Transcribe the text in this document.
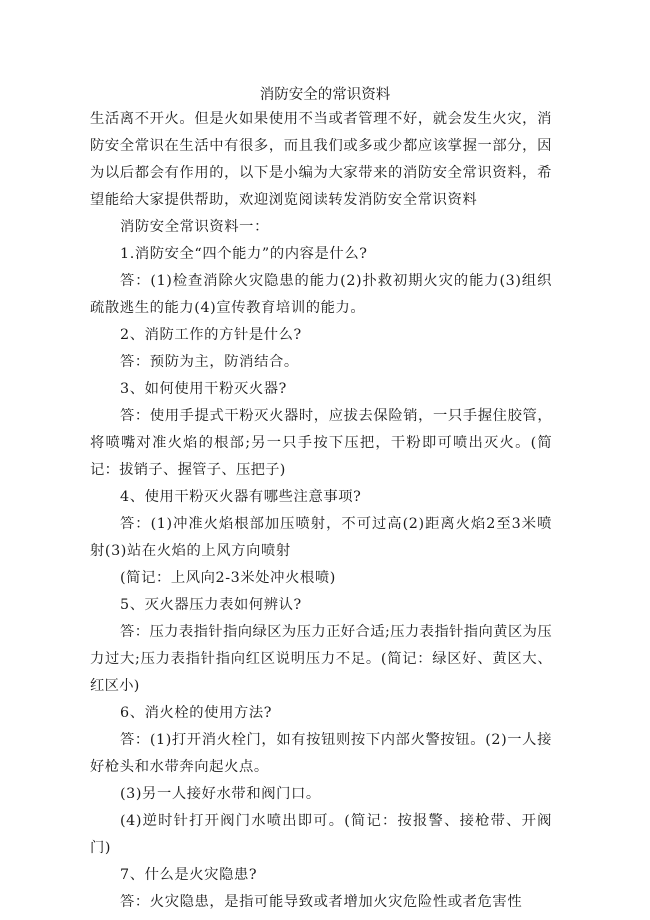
消防安全的常识资料

生活离不开火。但是火如果使用不当或者管理不好，就会发生火灾，消防安全常识在生活中有很多，而且我们或多或少都应该掌握一部分，因为以后都会有作用的，以下是小编为大家带来的消防安全常识资料，希望能给大家提供帮助，欢迎浏览阅读转发消防安全常识资料

消防安全常识资料一：

1.消防安全“四个能力”的内容是什么?

答：(1)检查消除火灾隐患的能力(2)扑救初期火灾的能力(3)组织疏散逃生的能力(4)宣传教育培训的能力。

2、消防工作的方针是什么?

答：预防为主，防消结合。

3、如何使用干粉灭火器?

答：使用手提式干粉灭火器时，应拔去保险销，一只手握住胶管，将喷嘴对准火焰的根部;另一只手按下压把，干粉即可喷出灭火。(简记：拔销子、握管子、压把子)

4、使用干粉灭火器有哪些注意事项?

答：(1)冲准火焰根部加压喷射，不可过高(2)距离火焰2至3米喷射(3)站在火焰的上风方向喷射

(简记：上风向2-3米处冲火根喷)

5、灭火器压力表如何辨认?

答：压力表指针指向绿区为压力正好合适;压力表指针指向黄区为压力过大;压力表指针指向红区说明压力不足。(简记：绿区好、黄区大、红区小)

6、消火栓的使用方法?

答：(1)打开消火栓门，如有按钮则按下内部火警按钮。(2)一人接好枪头和水带奔向起火点。

(3)另一人接好水带和阀门口。

(4)逆时针打开阀门水喷出即可。(简记：按报警、接枪带、开阀门)

7、什么是火灾隐患?

答：火灾隐患，是指可能导致或者增加火灾危险性或者危害性
